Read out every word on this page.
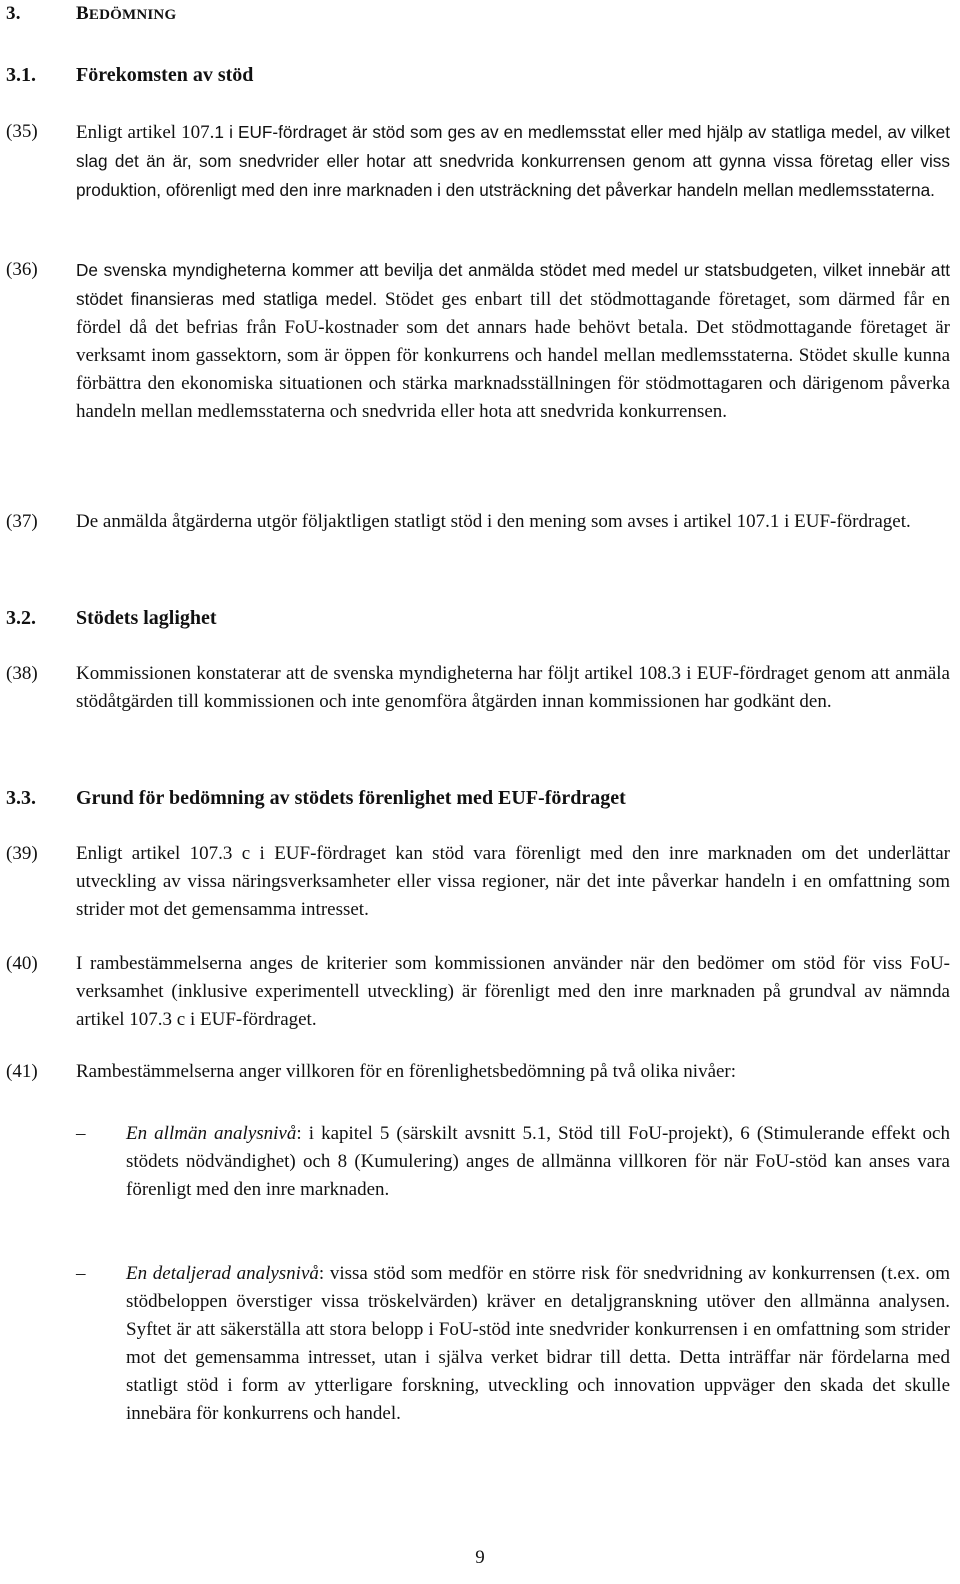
3.	BEDÖMNING
3.1. Förekomsten av stöd
(35)	Enligt artikel 107.1 i EUF-fördraget är stöd som ges av en medlemsstat eller med hjälp av statliga medel, av vilket slag det än är, som snedvrider eller hotar att snedvrida konkurrensen genom att gynna vissa företag eller viss produktion, oförenligt med den inre marknaden i den utsträckning det påverkar handeln mellan medlemsstaterna.
(36)	De svenska myndigheterna kommer att bevilja det anmälda stödet med medel ur statsbudgeten, vilket innebär att stödet finansieras med statliga medel. Stödet ges enbart till det stödmottagande företaget, som därmed får en fördel då det befrias från FoU-kostnader som det annars hade behövt betala. Det stödmottagande företaget är verksamt inom gassektorn, som är öppen för konkurrens och handel mellan medlemsstaterna. Stödet skulle kunna förbättra den ekonomiska situationen och stärka marknadsställningen för stödmottagaren och därigenom påverka handeln mellan medlemsstaterna och snedvrida eller hota att snedvrida konkurrensen.
(37)	De anmälda åtgärderna utgör följaktligen statligt stöd i den mening som avses i artikel 107.1 i EUF-fördraget.
3.2. Stödets laglighet
(38)	Kommissionen konstaterar att de svenska myndigheterna har följt artikel 108.3 i EUF-fördraget genom att anmäla stödåtgärden till kommissionen och inte genomföra åtgärden innan kommissionen har godkänt den.
3.3. Grund för bedömning av stödets förenlighet med EUF-fördraget
(39)	Enligt artikel 107.3 c i EUF-fördraget kan stöd vara förenligt med den inre marknaden om det underlättar utveckling av vissa näringsverksamheter eller vissa regioner, när det inte påverkar handeln i en omfattning som strider mot det gemensamma intresset.
(40)	I rambestämmelserna anges de kriterier som kommissionen använder när den bedömer om stöd för viss FoU-verksamhet (inklusive experimentell utveckling) är förenligt med den inre marknaden på grundval av nämnda artikel 107.3 c i EUF-fördraget.
(41)	Rambestämmelserna anger villkoren för en förenlighetsbedömning på två olika nivåer:
–	En allmän analysnivå: i kapitel 5 (särskilt avsnitt 5.1, Stöd till FoU-projekt), 6 (Stimulerande effekt och stödets nödvändighet) och 8 (Kumulering) anges de allmänna villkoren för när FoU-stöd kan anses vara förenligt med den inre marknaden.
–	En detaljerad analysnivå: vissa stöd som medför en större risk för snedvridning av konkurrensen (t.ex. om stödbeloppen överstiger vissa tröskelvärden) kräver en detaljgranskning utöver den allmänna analysen. Syftet är att säkerställa att stora belopp i FoU-stöd inte snedvrider konkurrensen i en omfattning som strider mot det gemensamma intresset, utan i själva verket bidrar till detta. Detta inträffar när fördelarna med statligt stöd i form av ytterligare forskning, utveckling och innovation uppväger den skada det skulle innebära för konkurrens och handel.
9
